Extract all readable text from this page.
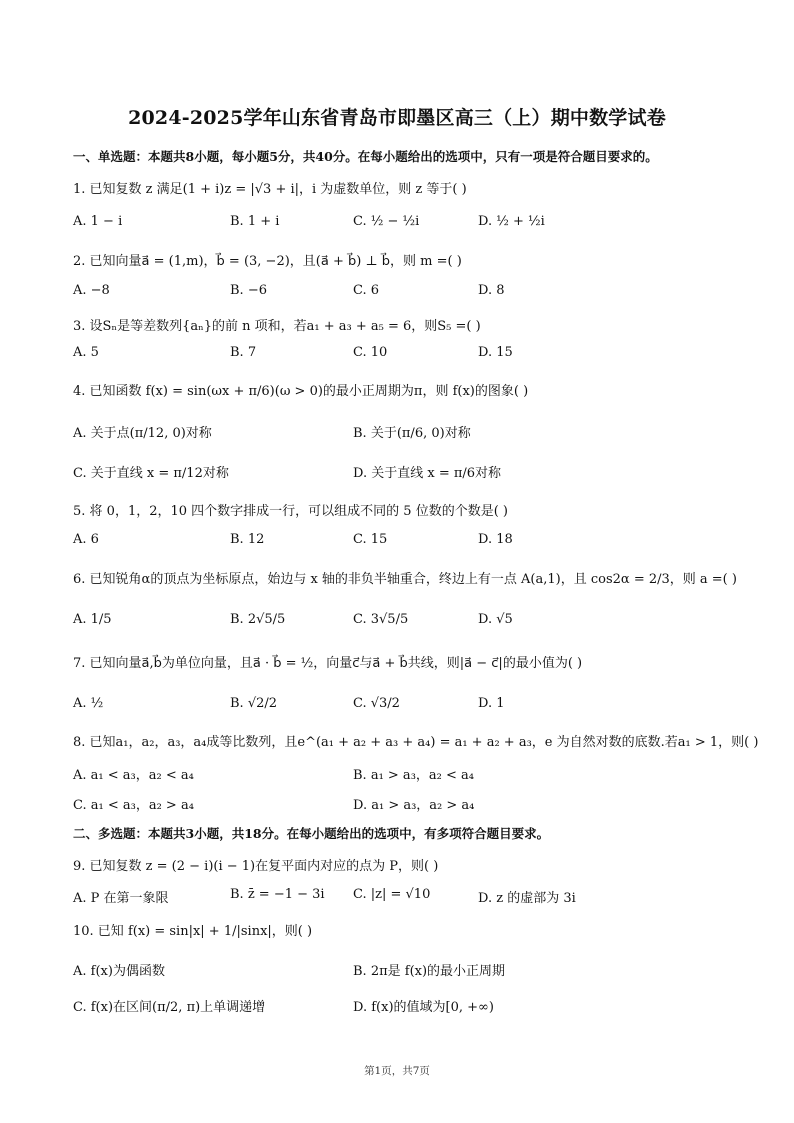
2024-2025学年山东省青岛市即墨区高三（上）期中数学试卷
一、单选题：本题共8小题，每小题5分，共40分。在每小题给出的选项中，只有一项是符合题目要求的。
1. 已知复数 z 满足(1 + i)z = |√3 + i|，i 为虚数单位，则 z 等于( )
A. 1 − i	B. 1 + i	C. ½ − ½i	D. ½ + ½i
2. 已知向量a⃗ = (1,m)，b⃗ = (3, −2)，且(a⃗ + b⃗) ⊥ b⃗，则 m =( )
A. −8	B. −6	C. 6	D. 8
3. 设Sₙ是等差数列{aₙ}的前 n 项和，若a₁ + a₃ + a₅ = 6，则S₅ =( )
A. 5	B. 7	C. 10	D. 15
4. 已知函数 f(x) = sin(ωx + π/6)(ω > 0)的最小正周期为π，则 f(x)的图象( )
A. 关于点(π/12, 0)对称	B. 关于(π/6, 0)对称
C. 关于直线 x = π/12对称	D. 关于直线 x = π/6对称
5. 将 0，1，2，10 四个数字排成一行，可以组成不同的 5 位数的个数是( )
A. 6	B. 12	C. 15	D. 18
6. 已知锐角α的顶点为坐标原点，始边与 x 轴的非负半轴重合，终边上有一点 A(a,1)，且 cos2α = 2/3，则 a =( )
A. 1/5	B. 2√5/5	C. 3√5/5	D. √5
7. 已知向量a⃗,b⃗为单位向量，且a⃗ · b⃗ = ½，向量c⃗与a⃗ + b⃗共线，则|a⃗ − c⃗|的最小值为( )
A. ½	B. √2/2	C. √3/2	D. 1
8. 已知a₁，a₂，a₃，a₄成等比数列，且e^(a₁ + a₂ + a₃ + a₄) = a₁ + a₂ + a₃，e 为自然对数的底数.若a₁ > 1，则( )
A. a₁ < a₃，a₂ < a₄	B. a₁ > a₃，a₂ < a₄
C. a₁ < a₃，a₂ > a₄	D. a₁ > a₃，a₂ > a₄
二、多选题：本题共3小题，共18分。在每小题给出的选项中，有多项符合题目要求。
9. 已知复数 z = (2 − i)(i − 1)在复平面内对应的点为 P，则( )
A. P 在第一象限	B. z̄ = −1 − 3i C. |z| = √10	D. z 的虚部为 3i
10. 已知 f(x) = sin|x| + 1/|sinx|，则( )
A. f(x)为偶函数	B. 2π是 f(x)的最小正周期
C. f(x)在区间(π/2, π)上单调递增	D. f(x)的值域为[0, +∞)
第1页，共7页
